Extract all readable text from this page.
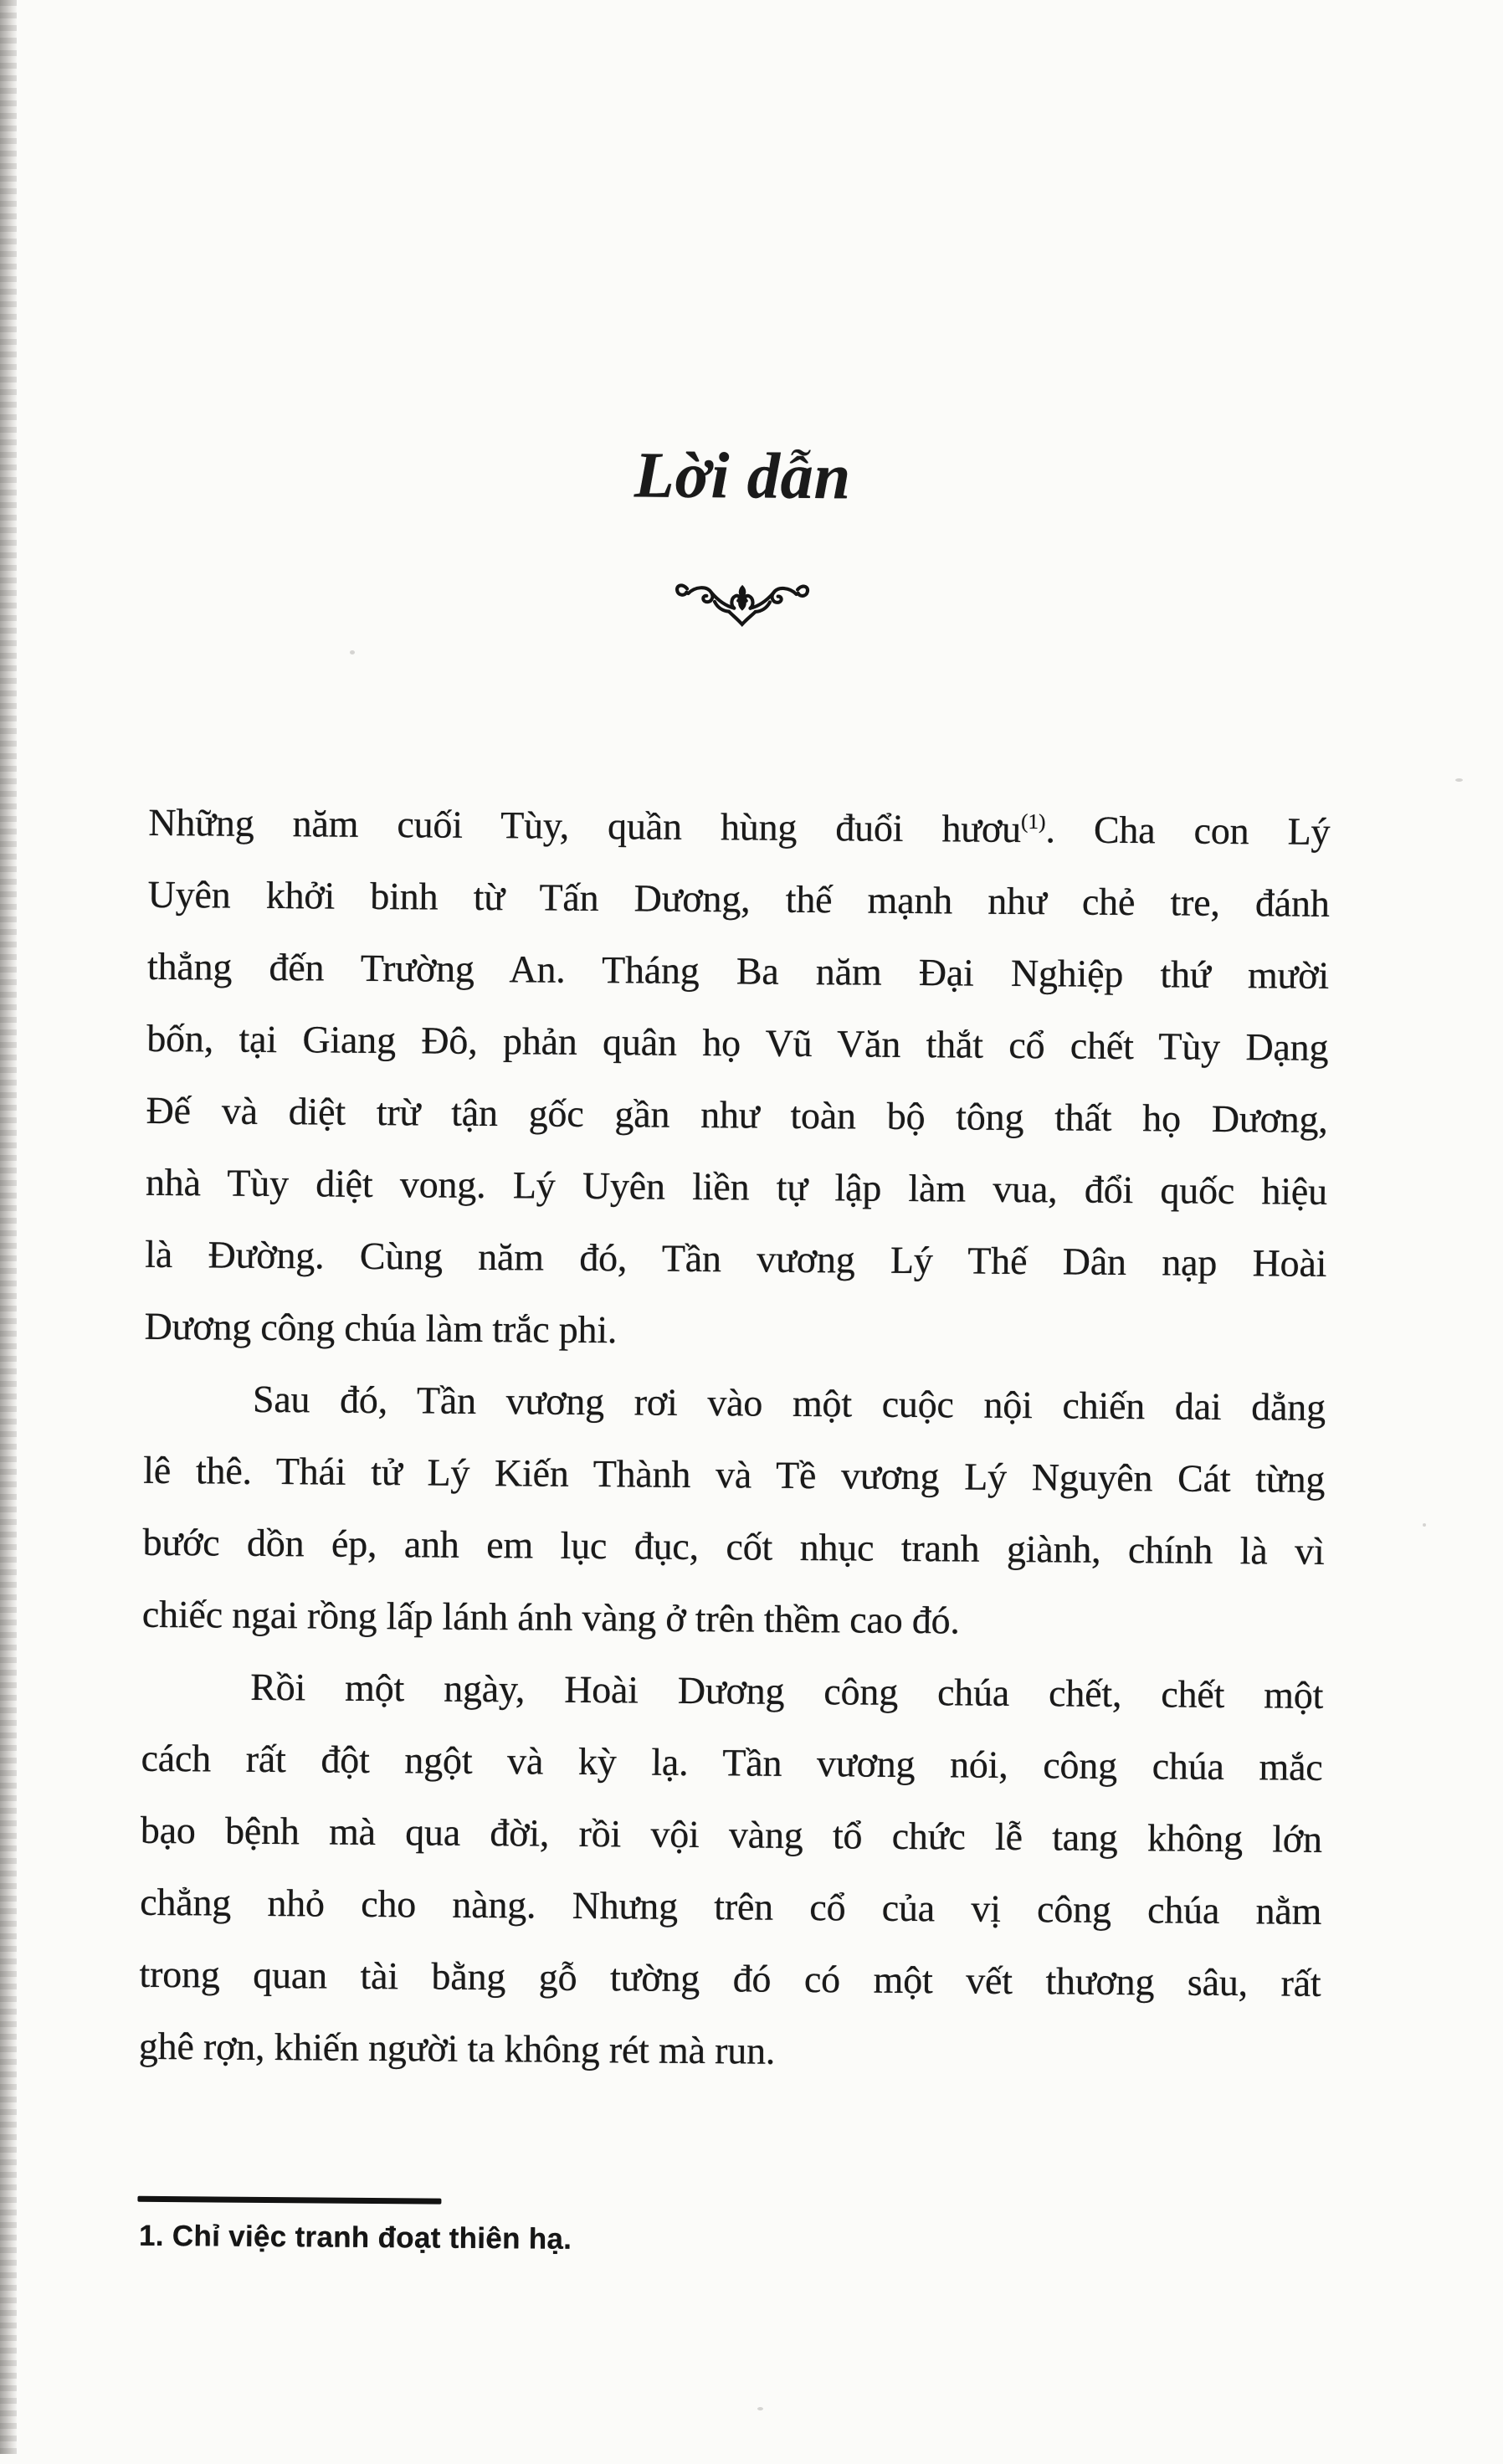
Lời dẫn
Những năm cuối Tùy, quần hùng đuổi hươu$^{(1)}$. Cha con Lý
Uyên khởi binh từ Tấn Dương, thế mạnh như chẻ tre, đánh
thẳng đến Trường An. Tháng Ba năm Đại Nghiệp thứ mười
bốn, tại Giang Đô, phản quân họ Vũ Văn thắt cổ chết Tùy Dạng
Đế và diệt trừ tận gốc gần như toàn bộ tông thất họ Dương,
nhà Tùy diệt vong. Lý Uyên liền tự lập làm vua, đổi quốc hiệu
là Đường. Cùng năm đó, Tần vương Lý Thế Dân nạp Hoài
Dương công chúa làm trắc phi.
Sau đó, Tần vương rơi vào một cuộc nội chiến dai dẳng
lê thê. Thái tử Lý Kiến Thành và Tề vương Lý Nguyên Cát từng
bước dồn ép, anh em lục đục, cốt nhục tranh giành, chính là vì
chiếc ngai rồng lấp lánh ánh vàng ở trên thềm cao đó.
Rồi một ngày, Hoài Dương công chúa chết, chết một
cách rất đột ngột và kỳ lạ. Tần vương nói, công chúa mắc
bạo bệnh mà qua đời, rồi vội vàng tổ chức lễ tang không lớn
chẳng nhỏ cho nàng. Nhưng trên cổ của vị công chúa nằm
trong quan tài bằng gỗ tường đó có một vết thương sâu, rất
ghê rợn, khiến người ta không rét mà run.
1. Chỉ việc tranh đoạt thiên hạ.
